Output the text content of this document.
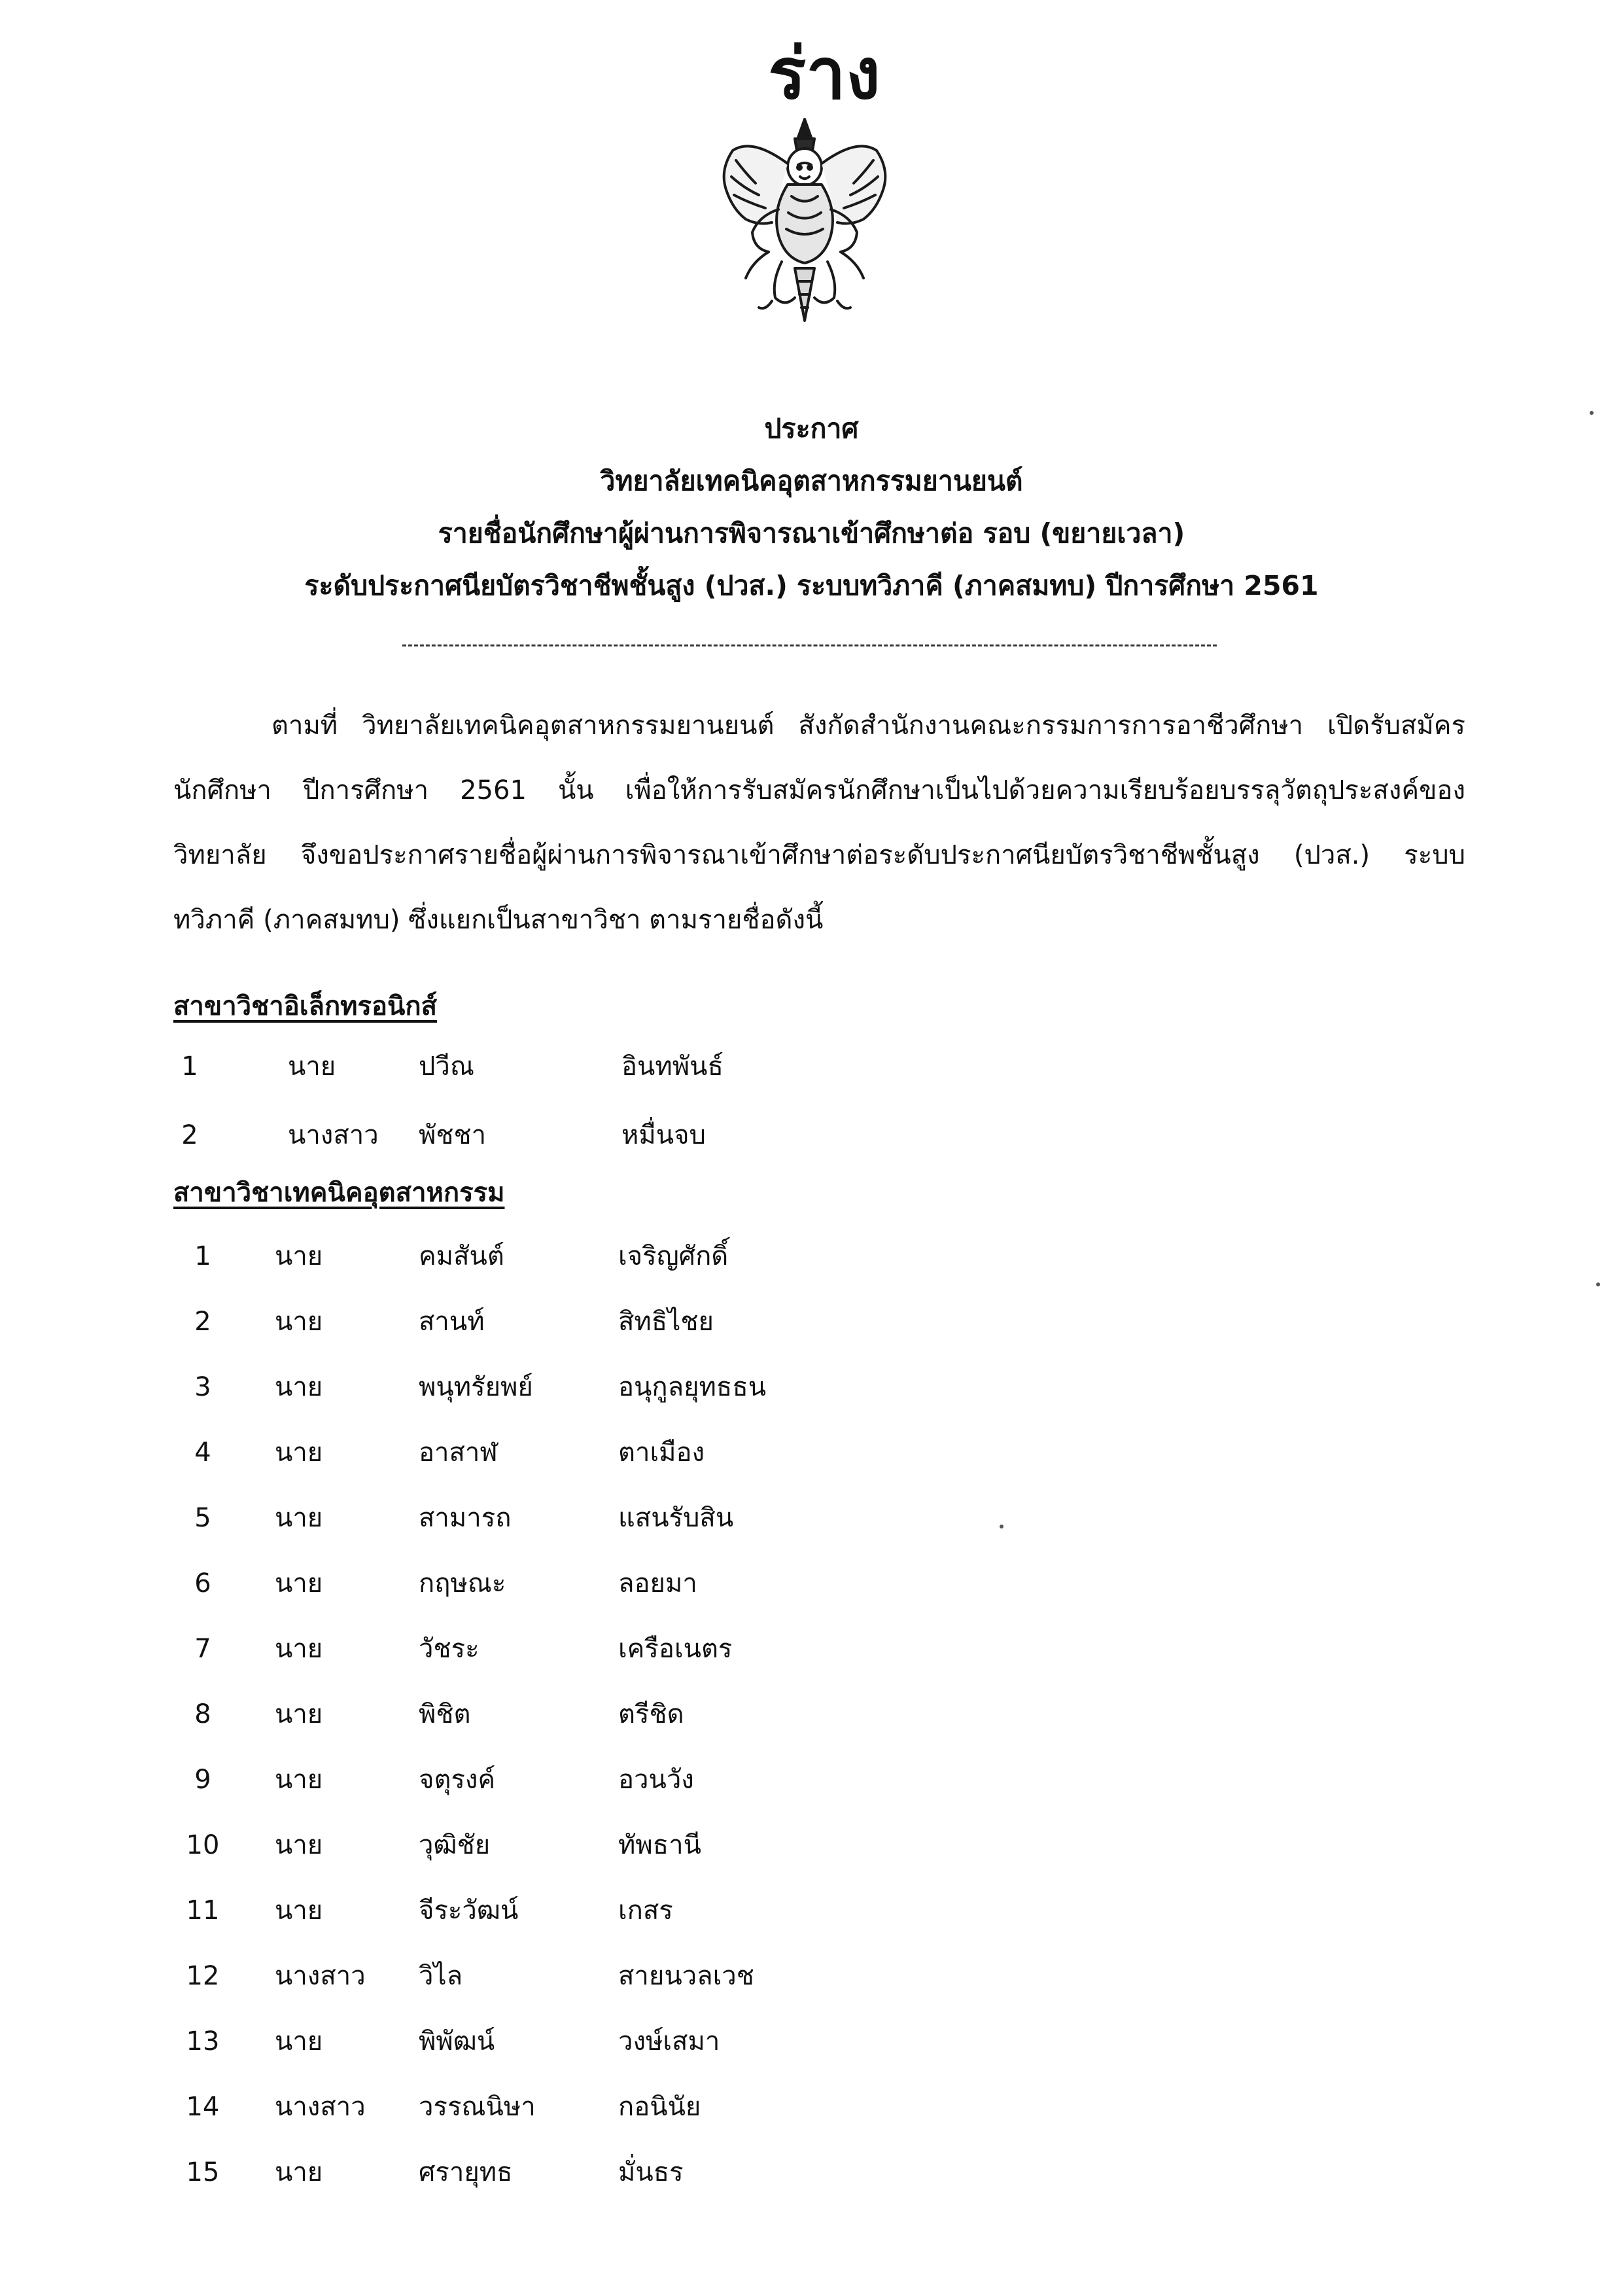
ร่าง
ประกาศ
วิทยาลัยเทคนิคอุตสาหกรรมยานยนต์
รายชื่อนักศึกษาผู้ผ่านการพิจารณาเข้าศึกษาต่อ รอบ (ขยายเวลา)
ระดับประกาศนียบัตรวิชาชีพชั้นสูง (ปวส.) ระบบทวิภาคี (ภาคสมทบ) ปีการศึกษา 2561
ตามที่ วิทยาลัยเทคนิคอุตสาหกรรมยานยนต์ สังกัดสำนักงานคณะกรรมการการอาชีวศึกษา เปิดรับสมัครนักศึกษา ปีการศึกษา 2561 นั้น เพื่อให้การรับสมัครนักศึกษาเป็นไปด้วยความเรียบร้อยบรรลุวัตถุประสงค์ของวิทยาลัย จึงขอประกาศรายชื่อผู้ผ่านการพิจารณาเข้าศึกษาต่อระดับประกาศนียบัตรวิชาชีพชั้นสูง (ปวส.) ระบบทวิภาคี (ภาคสมทบ) ซึ่งแยกเป็นสาขาวิชา ตามรายชื่อดังนี้
สาขาวิชาอิเล็กทรอนิกส์
สาขาวิชาเทคนิคอุตสาหกรรม
1	นาย	ปวีณ	อินทพันธ์
2	นางสาว พัชชา	หมื่นจบ
1	นาย	คมสันต์	เจริญศักดิ์
2	นาย	สานท์	สิทธิไชย
3	นาย	พนุทรัยพย์	อนุกูลยุทธธน
4	นาย	อาสาฬ	ตาเมือง
5	นาย	สามารถ	แสนรับสิน
6	นาย	กฤษณะ	ลอยมา
7	นาย	วัชระ	เครือเนตร
8	นาย	พิชิต	ตรีชิด
9	นาย	จตุรงค์	อวนวัง
10	นาย	วุฒิชัย	ทัพธานี
11	นาย	จีระวัฒน์	เกสร
12	นางสาว วิไล	สายนวลเวช
13	นาย	พิพัฒน์	วงษ์เสมา
14	นางสาว วรรณนิษา	กอนินัย
15	นาย	ศรายุทธ	มั่นธร
